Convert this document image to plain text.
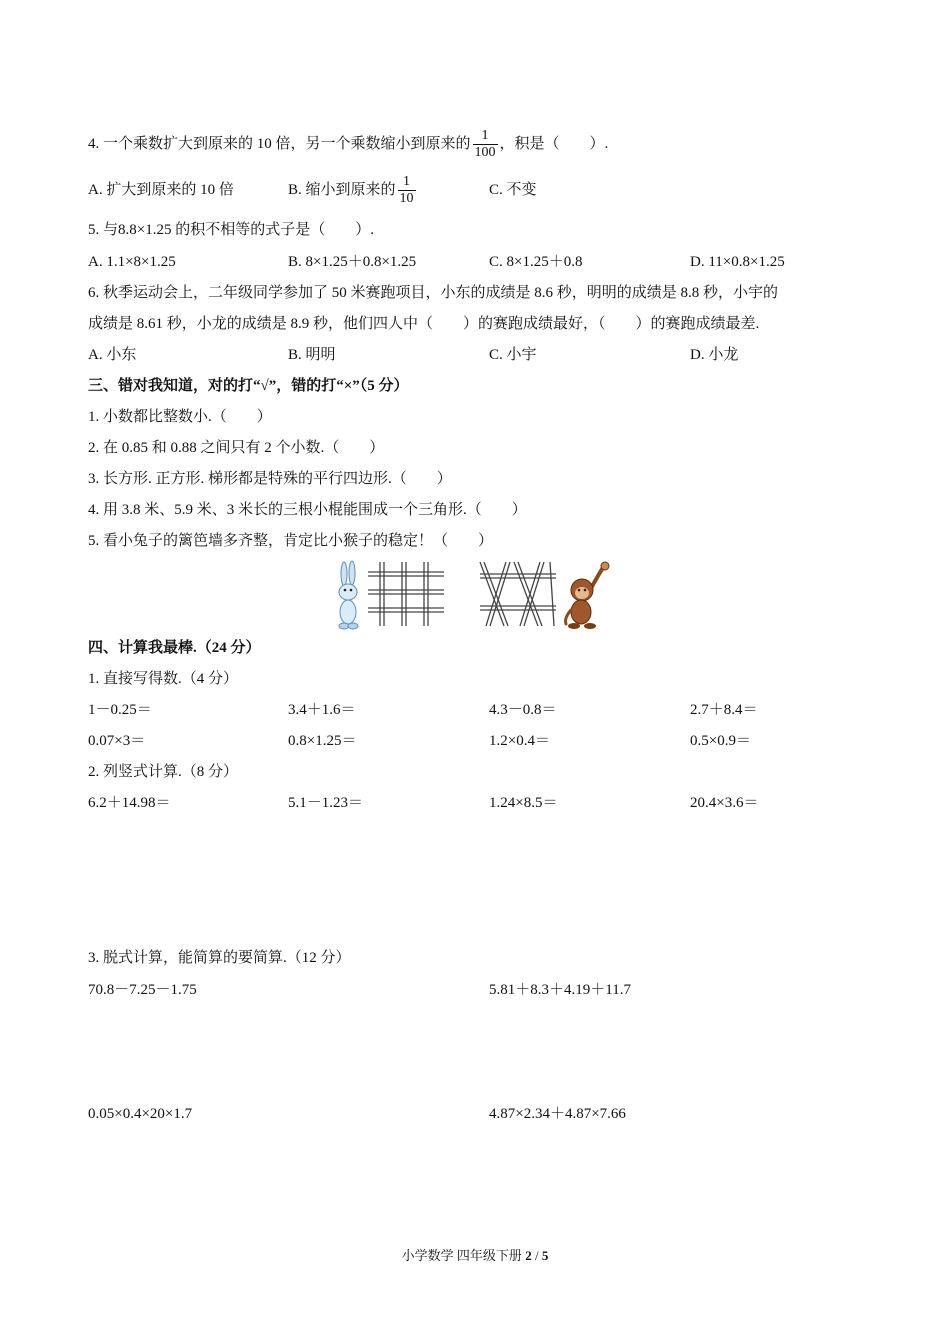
4. 一个乘数扩大到原来的 10 倍，另一个乘数缩小到原来的 $\frac{1}{100}$ ，积是（　　）.
A. 扩大到原来的 10 倍	B. 缩小到原来的 $\frac{1}{10}$	C. 不变
5. 与8.8×1.25 的积不相等的式子是（　　）.
A. 1.1×8×1.25	B. 8×1.25＋0.8×1.25	C. 8×1.25＋0.8	D. 11×0.8×1.25
6. 秋季运动会上，二年级同学参加了 50 米赛跑项目，小东的成绩是 8.6 秒，明明的成绩是 8.8 秒，小宇的
成绩是 8.61 秒，小龙的成绩是 8.9 秒，他们四人中（　　）的赛跑成绩最好，（　　）的赛跑成绩最差.
A. 小东	B. 明明	C. 小宇	D. 小龙
三、错对我知道，对的打“√”，错的打“×”（5 分）
1. 小数都比整数小.（　　）
2. 在 0.85 和 0.88 之间只有 2 个小数.（　　）
3. 长方形. 正方形. 梯形都是特殊的平行四边形.（　　）
4. 用 3.8 米、5.9 米、3 米长的三根小棍能围成一个三角形.（　　）
5. 看小兔子的篱笆墙多齐整，肯定比小猴子的稳定！（　　）
四、计算我最棒.（24 分）
1. 直接写得数.（4 分）
1－0.25＝	3.4＋1.6＝	4.3－0.8＝	2.7＋8.4＝
0.07×3＝	0.8×1.25＝	1.2×0.4＝	0.5×0.9＝
2. 列竖式计算.（8 分）
6.2＋14.98＝	5.1－1.23＝	1.24×8.5＝	20.4×3.6＝
3. 脱式计算，能简算的要简算.（12 分）
70.8－7.25－1.75	5.81＋8.3＋4.19＋11.7
0.05×0.4×20×1.7	4.87×2.34＋4.87×7.66
小学数学 四年级下册 2 / 5
